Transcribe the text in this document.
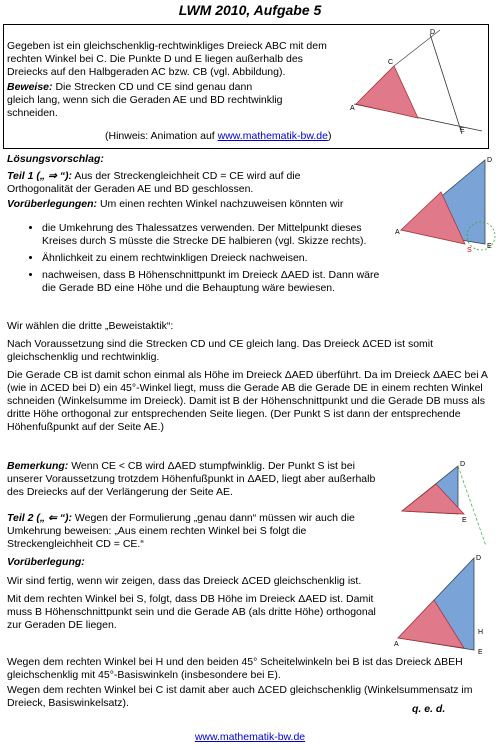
LWM 2010, Aufgabe 5
Gegeben ist ein gleichschenklig-rechtwinkliges Dreieck ABC mit dem
rechten Winkel bei C. Die Punkte D und E liegen außerhalb des
Dreiecks auf den Halbgeraden AC bzw. CB (vgl. Abbildung).
Beweise: Die Strecken CD und CE sind genau dann
gleich lang, wenn sich die Geraden AE und BD rechtwinklig
schneiden.
(Hinweis: Animation auf www.mathematik-bw.de)
C
A
D
E
Lösungsvorschlag:
Teil 1 („ ⇒ “): Aus der Streckengleichheit CD = CE wird auf die
Orthogonalität der Geraden AE und BD geschlossen.
Vorüberlegungen: Um einen rechten Winkel nachzuweisen könnten wir
• die Umkehrung des Thalessatzes verwenden. Der Mittelpunkt dieses Kreises durch S müsste die Strecke DE halbieren (vgl. Skizze rechts).
• Ähnlichkeit zu einem rechtwinkligen Dreieck nachweisen.
• nachweisen, dass B Höhenschnittpunkt im Dreieck ΔAED ist. Dann wäre die Gerade BD eine Höhe und die Behauptung wäre bewiesen.
A
D
E
S
Wir wählen die dritte „Beweistaktik“:
Nach Voraussetzung sind die Strecken CD und CE gleich lang. Das Dreieck ΔCED ist somit gleichschenklig und rechtwinklig.
Die Gerade CB ist damit schon einmal als Höhe im Dreieck ΔAED überführt. Da im Dreieck ΔAEC bei A (wie in ΔCED bei D) ein 45°-Winkel liegt, muss die Gerade AB die Gerade DE in einem rechten Winkel schneiden (Winkelsumme im Dreieck). Damit ist B der Höhenschnittpunkt und die Gerade DB muss als dritte Höhe orthogonal zur entsprechenden Seite liegen. (Der Punkt S ist dann der entsprechende Höhenfußpunkt auf der Seite AE.)
Bemerkung: Wenn CE < CB wird ΔAED stumpfwinklig. Der Punkt S ist bei unserer Voraussetzung trotzdem Höhenfußpunkt in ΔAED, liegt aber außerhalb des Dreiecks auf der Verlängerung der Seite AE.
D
E
Teil 2 („ ⇐ “): Wegen der Formulierung „genau dann“ müssen wir auch die Umkehrung beweisen: „Aus einem rechten Winkel bei S folgt die Streckengleichheit CD = CE.“
Vorüberlegung:
Wir sind fertig, wenn wir zeigen, dass das Dreieck ΔCED gleichschenklig ist.
Mit dem rechten Winkel bei S, folgt, dass DB Höhe im Dreieck ΔAED ist. Damit muss B Höhenschnittpunkt sein und die Gerade AB (als dritte Höhe) orthogonal zur Geraden DE liegen.
Wegen dem rechten Winkel bei H und den beiden 45° Scheitelwinkeln bei B ist das Dreieck ΔBEH gleichschenklig mit 45°-Basiswinkeln (insbesondere bei E).
Wegen dem rechten Winkel bei C ist damit aber auch ΔCED gleichschenklig (Winkelsummensatz im Dreieck, Basiswinkelsatz).	q. e. d.
A
D
H
E
www.mathematik-bw.de
